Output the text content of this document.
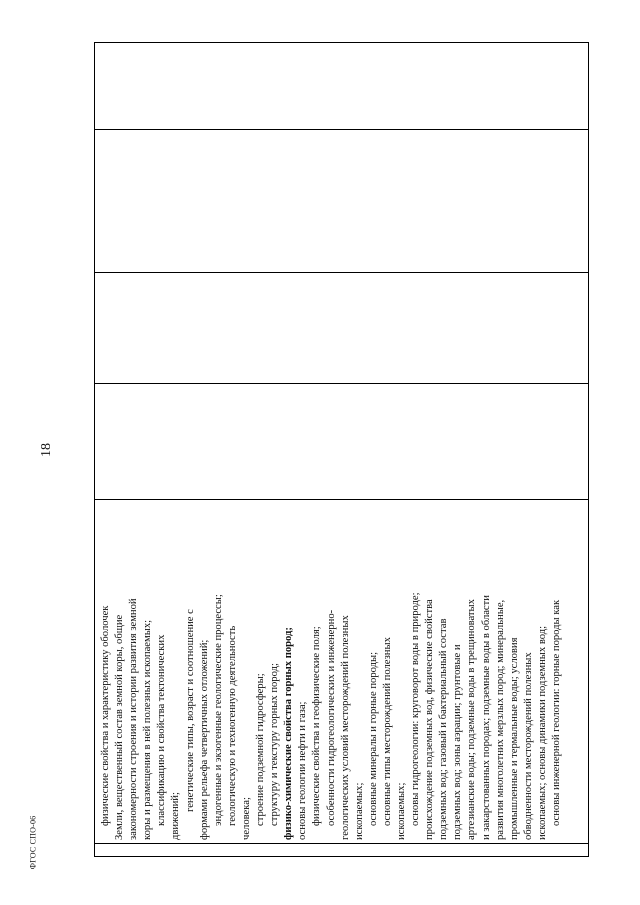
18
ФГОС СПО-06
физические свойства и характеристику оболочек Земли, вещественный состав земной коры, общие закономерности строения и истории развития земной коры и размещения в ней полезных ископаемых; классификацию и свойства тектонических движений;
генетические типы, возраст и соотношение с формами рельефа четвертичных отложений; эндогенные и экзогенные геологические процессы; геологическую и техногенную деятельность человека; строение подземной гидросферы; структуру и текстуру горных пород; физико-химические свойства горных пород; основы геологии нефти и газа; физические свойства и геофизические поля; особенности гидрогеологических и инженерно- геологических условий месторождений полезных ископаемых; основные минералы и горные породы; основные типы месторождений полезных ископаемых; основы гидрогеологии: круговорот воды в природе; происхождение подземных вод, физические свойства подземных вод; газовый и бактериальный состав подземных вод; зоны аэрации; грунтовые и артезианские воды; подземные воды в трещиноватых и закарстованных породах; подземные воды в области развития многолетних мерзлых пород; минеральные, промышленные и термальные воды; условия обводненности месторождений полезных ископаемых; основы динамики подземных вод; основы инженерной геологии: горные породы как
